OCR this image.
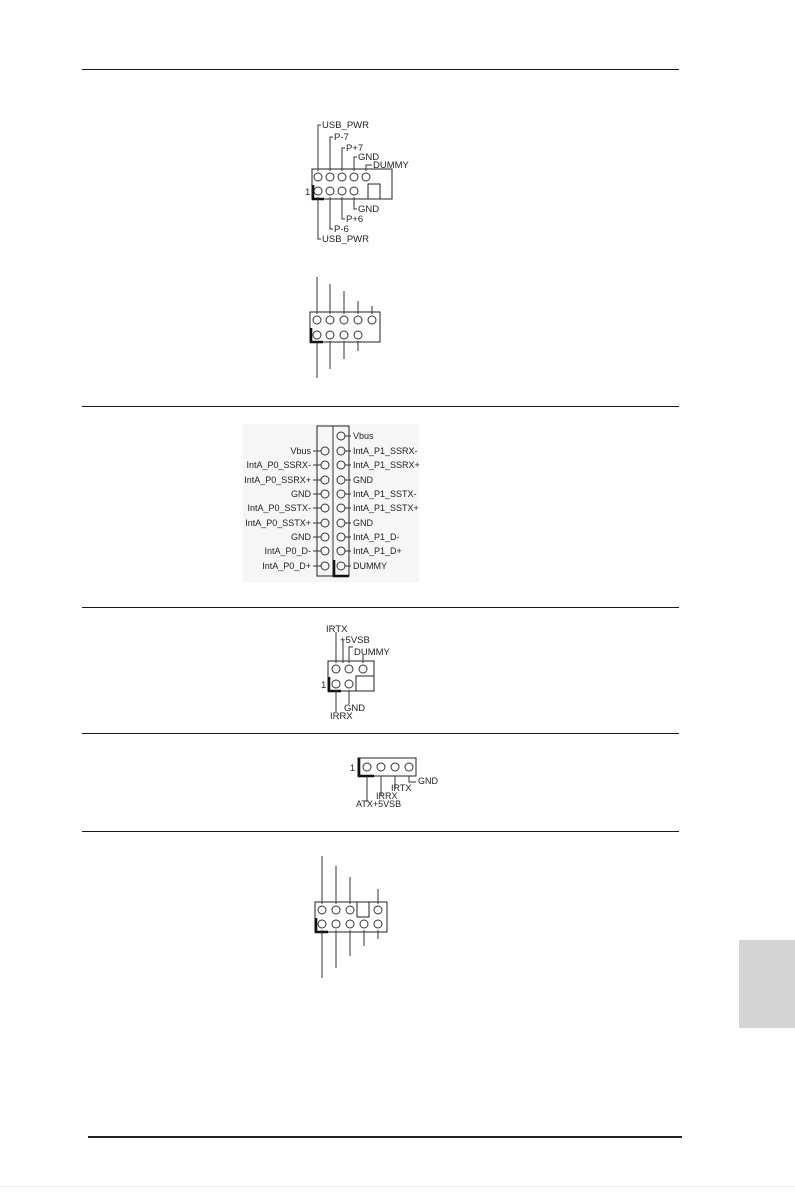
USB_PWR
P-7
P+7
GND
DUMMY
GND
P+6
P-6
USB_PWR
1
Vbus
IntA_P1_SSRX-
IntA_P1_SSRX+
GND
IntA_P1_SSTX-
IntA_P1_SSTX+
GND
IntA_P1_D-
IntA_P1_D+
DUMMY
Vbus
IntA_P0_SSRX-
IntA_P0_SSRX+
GND
IntA_P0_SSTX-
IntA_P0_SSTX+
GND
IntA_P0_D-
IntA_P0_D+
IRTX
+5VSB
DUMMY
GND
IRRX
1
GND
IRTX
IRRX
ATX+5VSB
1
